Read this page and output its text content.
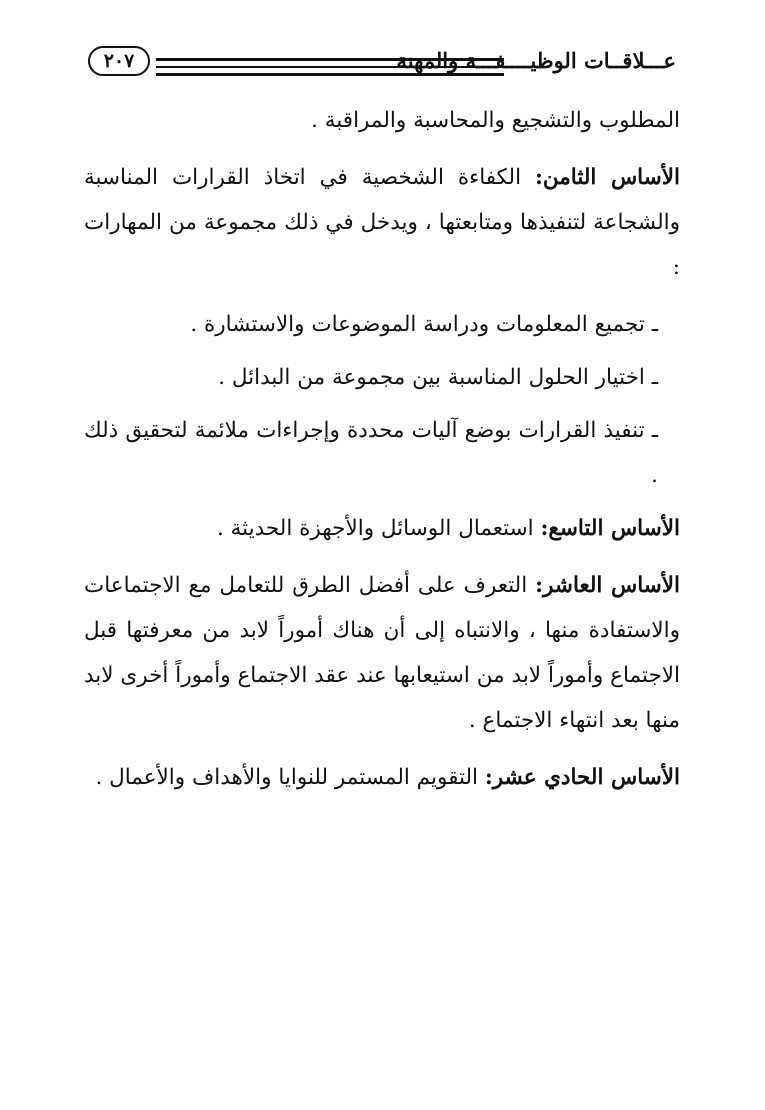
٢٠٧	عـــلاقــات الوظيــــفـــة والمهنة

المطلوب والتشجيع والمحاسبة والمراقبة .

الأساس الثامن: الكفاءة الشخصية في اتخاذ القرارات المناسبة والشجاعة لتنفيذها ومتابعتها ، ويدخل في ذلك مجموعة من المهارات :

ـ تجميع المعلومات ودراسة الموضوعات والاستشارة .

ـ اختيار الحلول المناسبة بين مجموعة من البدائل .

ـ تنفيذ القرارات بوضع آليات محددة وإجراءات ملائمة لتحقيق ذلك .

الأساس التاسع: استعمال الوسائل والأجهزة الحديثة .

الأساس العاشر: التعرف على أفضل الطرق للتعامل مع الاجتماعات والاستفادة منها ، والانتباه إلى أن هناك أموراً لابد من معرفتها قبل الاجتماع وأموراً لابد من استيعابها عند عقد الاجتماع وأموراً أخرى لابد منها بعد انتهاء الاجتماع .

الأساس الحادي عشر: التقويم المستمر للنوايا والأهداف والأعمال .
